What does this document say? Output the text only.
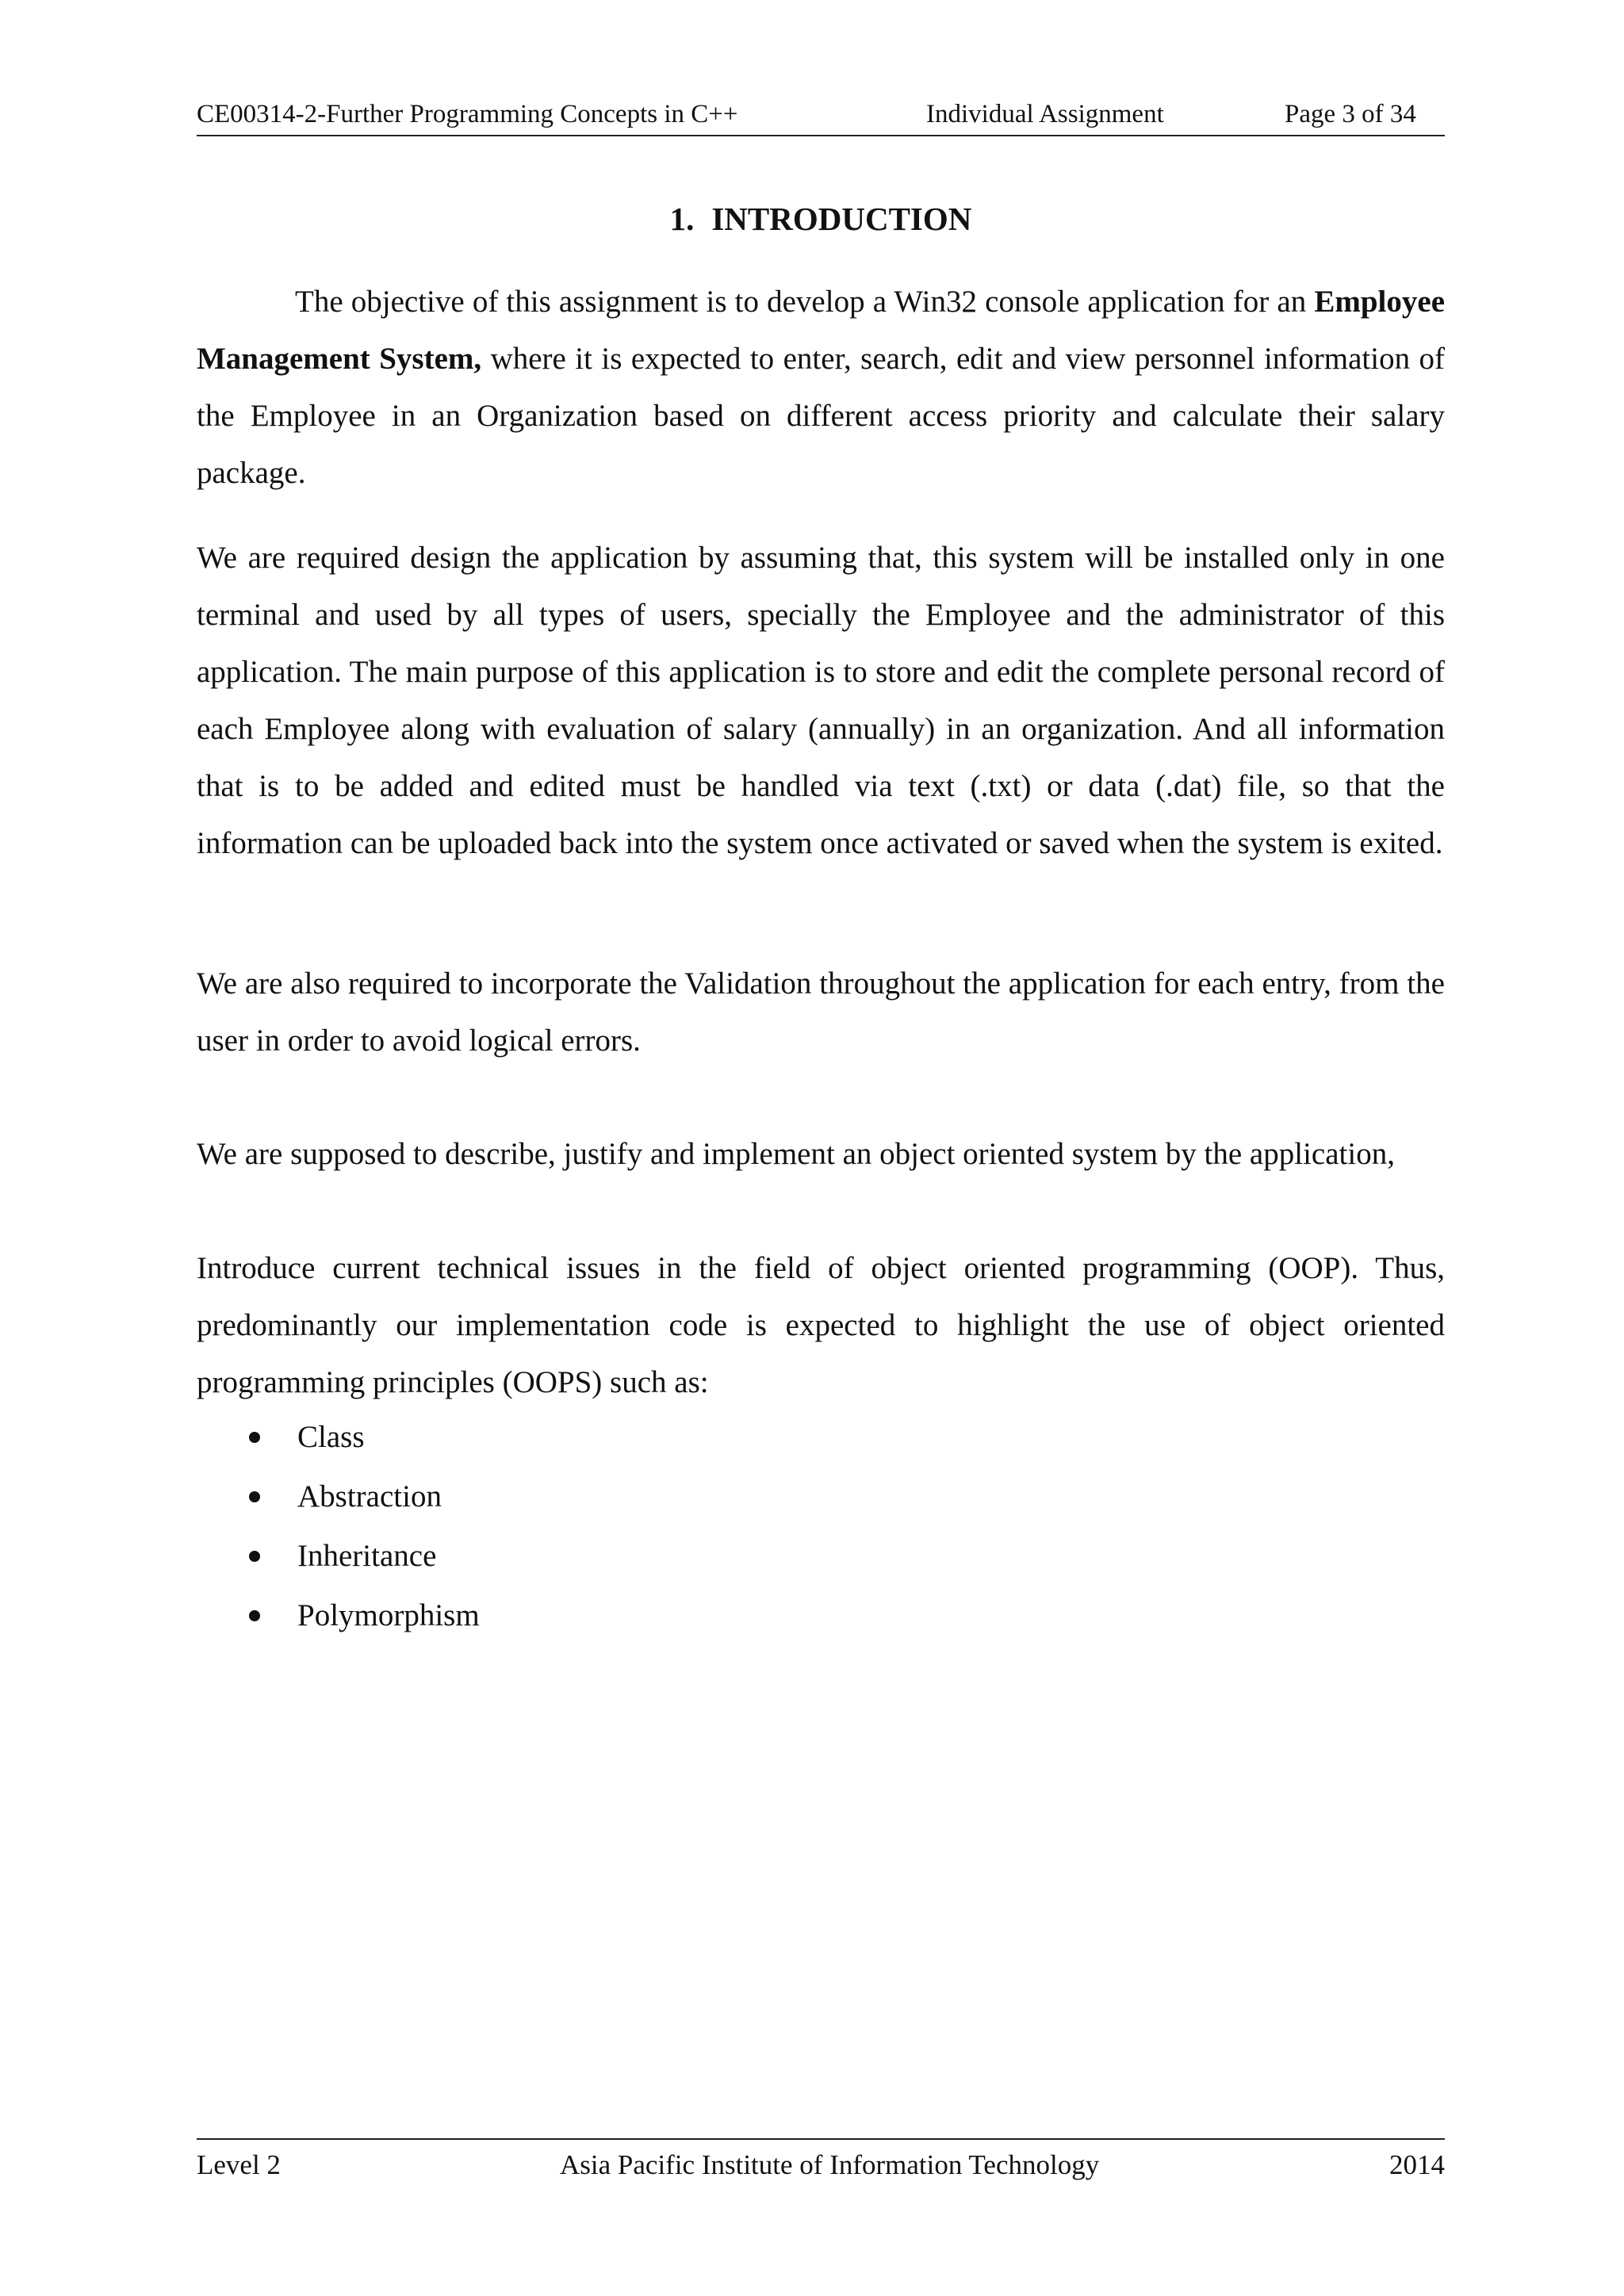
CE00314-2-Further Programming Concepts in C++	Individual Assignment	Page 3 of 34
1. INTRODUCTION

The objective of this assignment is to develop a Win32 console application for an Employee Management System, where it is expected to enter, search, edit and view personnel information of the Employee in an Organization based on different access priority and calculate their salary package.

We are required design the application by assuming that, this system will be installed only in one terminal and used by all types of users, specially the Employee and the administrator of this application. The main purpose of this application is to store and edit the complete personal record of each Employee along with evaluation of salary (annually) in an organization. And all information that is to be added and edited must be handled via text (.txt) or data (.dat) file, so that the information can be uploaded back into the system once activated or saved when the system is exited.

We are also required to incorporate the Validation throughout the application for each entry, from the user in order to avoid logical errors.

We are supposed to describe, justify and implement an object oriented system by the application,

Introduce current technical issues in the field of object oriented programming (OOP). Thus, predominantly our implementation code is expected to highlight the use of object oriented programming principles (OOPS) such as:

Class
Abstraction
Inheritance
Polymorphism
Level 2	Asia Pacific Institute of Information Technology	2014
